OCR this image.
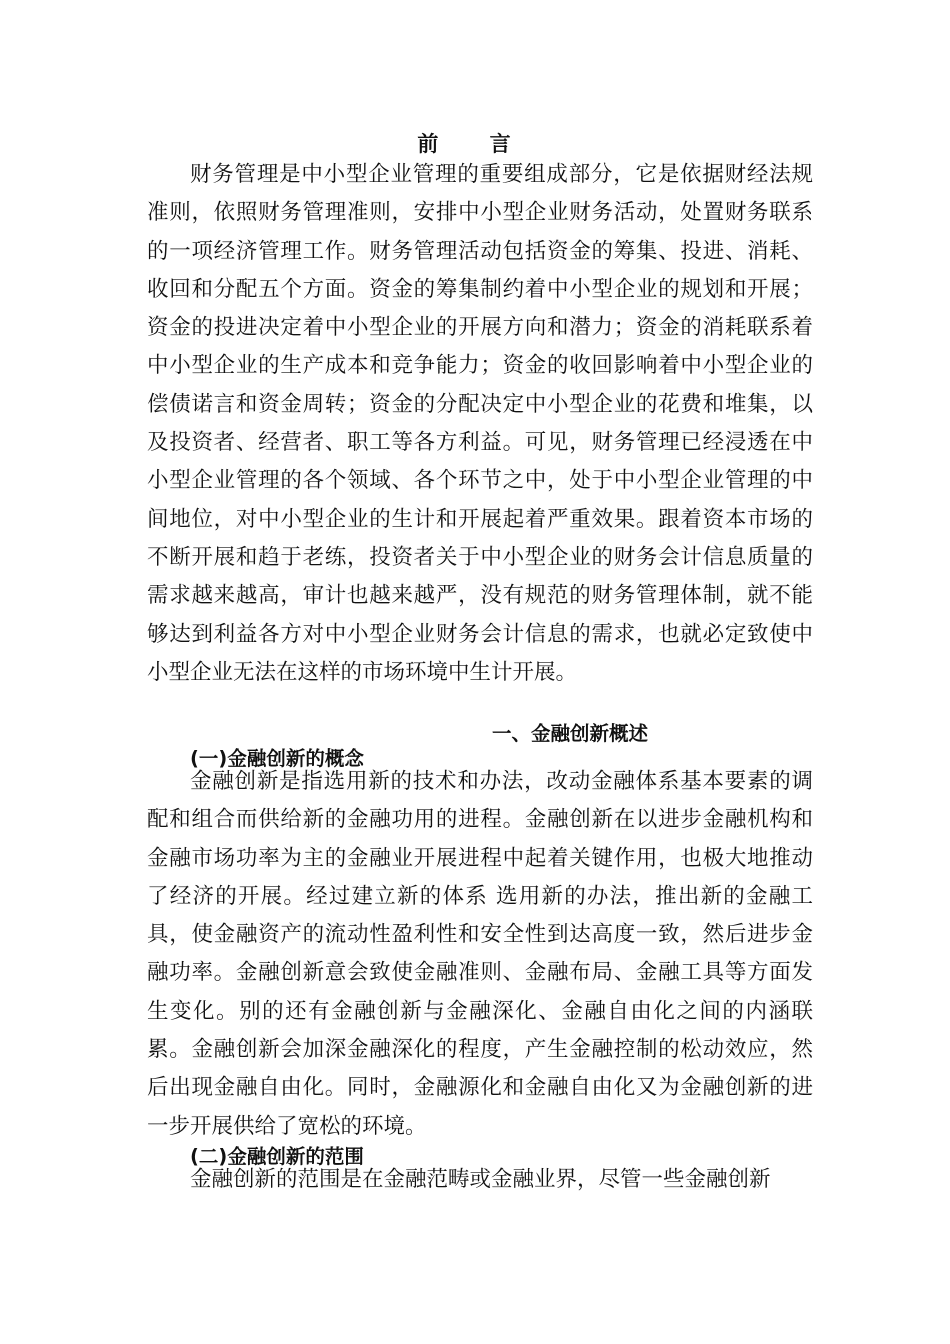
前 言

财务管理是中小型企业管理的重要组成部分，它是依据财经法规准则，依照财务管理准则，安排中小型企业财务活动，处置财务联系的一项经济管理工作。财务管理活动包括资金的筹集、投进、消耗、收回和分配五个方面。资金的筹集制约着中小型企业的规划和开展；资金的投进决定着中小型企业的开展方向和潜力；资金的消耗联系着中小型企业的生产成本和竞争能力；资金的收回影响着中小型企业的偿债诺言和资金周转；资金的分配决定中小型企业的花费和堆集，以及投资者、经营者、职工等各方利益。可见，财务管理已经浸透在中小型企业管理的各个领域、各个环节之中，处于中小型企业管理的中间地位，对中小型企业的生计和开展起着严重效果。跟着资本市场的不断开展和趋于老练，投资者关于中小型企业的财务会计信息质量的需求越来越高，审计也越来越严，没有规范的财务管理体制，就不能够达到利益各方对中小型企业财务会计信息的需求，也就必定致使中小型企业无法在这样的市场环境中生计开展。

一、金融创新概述
(一)金融创新的概念

金融创新是指选用新的技术和办法，改动金融体系基本要素的调配和组合而供给新的金融功用的进程。金融创新在以进步金融机构和金融市场功率为主的金融业开展进程中起着关键作用，也极大地推动了经济的开展。经过建立新的体系 选用新的办法，推出新的金融工具，使金融资产的流动性盈利性和安全性到达高度一致，然后进步金融功率。金融创新意会致使金融准则、金融布局、金融工具等方面发生变化。别的还有金融创新与金融深化、金融自由化之间的内涵联累。金融创新会加深金融深化的程度，产生金融控制的松动效应，然后出现金融自由化。同时，金融源化和金融自由化又为金融创新的进一步开展供给了宽松的环境。

(二)金融创新的范围

金融创新的范围是在金融范畴或金融业界，尽管一些金融创新
